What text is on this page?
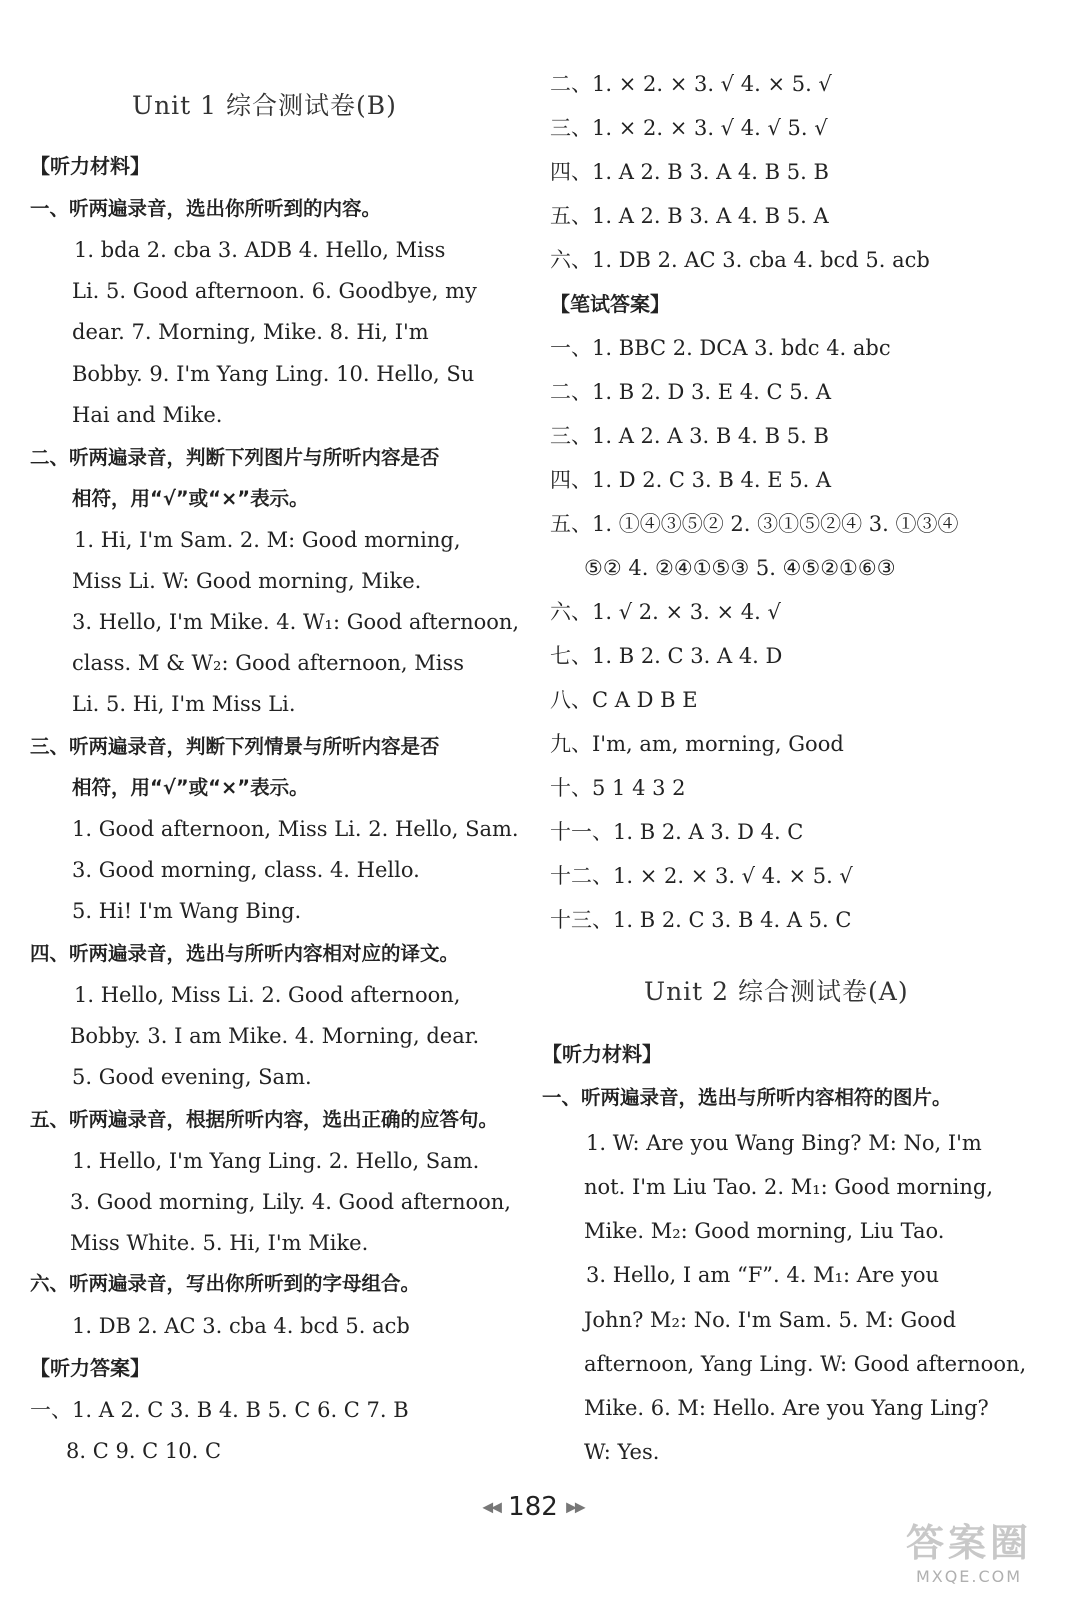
Unit 1 综合测试卷(B)
【听力材料】
一、听两遍录音，选出你所听到的内容。
1. bda 2. cba 3. ADB 4. Hello, Miss
Li. 5. Good afternoon. 6. Goodbye, my
dear. 7. Morning, Mike. 8. Hi, I'm
Bobby. 9. I'm Yang Ling. 10. Hello, Su
Hai and Mike.
二、听两遍录音，判断下列图片与所听内容是否
相符，用“√”或“×”表示。
1. Hi, I'm Sam. 2. M: Good morning,
Miss Li. W: Good morning, Mike.
3. Hello, I'm Mike. 4. W₁: Good afternoon,
class. M & W₂: Good afternoon, Miss
Li. 5. Hi, I'm Miss Li.
三、听两遍录音，判断下列情景与所听内容是否
相符，用“√”或“×”表示。
1. Good afternoon, Miss Li. 2. Hello, Sam.
3. Good morning, class. 4. Hello.
5. Hi! I'm Wang Bing.
四、听两遍录音，选出与所听内容相对应的译文。
1. Hello, Miss Li. 2. Good afternoon,
Bobby. 3. I am Mike. 4. Morning, dear.
5. Good evening, Sam.
五、听两遍录音，根据所听内容，选出正确的应答句。
1. Hello, I'm Yang Ling. 2. Hello, Sam.
3. Good morning, Lily. 4. Good afternoon,
Miss White. 5. Hi, I'm Mike.
六、听两遍录音，写出你所听到的字母组合。
1. DB 2. AC 3. cba 4. bcd 5. acb
【听力答案】
一、1. A 2. C 3. B 4. B 5. C 6. C 7. B
8. C 9. C 10. C
二、1. × 2. × 3. √ 4. × 5. √
三、1. × 2. × 3. √ 4. √ 5. √
四、1. A 2. B 3. A 4. B 5. B
五、1. A 2. B 3. A 4. B 5. A
六、1. DB 2. AC 3. cba 4. bcd 5. acb
【笔试答案】
一、1. BBC 2. DCA 3. bdc 4. abc
二、1. B 2. D 3. E 4. C 5. A
三、1. A 2. A 3. B 4. B 5. B
四、1. D 2. C 3. B 4. E 5. A
五、1. ①④③⑤② 2. ③①⑤②④ 3. ①③④
⑤② 4. ②④①⑤③ 5. ④⑤②①⑥③
六、1. √ 2. × 3. × 4. √
七、1. B 2. C 3. A 4. D
八、C A D B E
九、I'm, am, morning, Good
十、5 1 4 3 2
十一、1. B 2. A 3. D 4. C
十二、1. × 2. × 3. √ 4. × 5. √
十三、1. B 2. C 3. B 4. A 5. C
Unit 2 综合测试卷(A)
【听力材料】
一、听两遍录音，选出与所听内容相符的图片。
1. W: Are you Wang Bing? M: No, I'm
not. I'm Liu Tao. 2. M₁: Good morning,
Mike. M₂: Good morning, Liu Tao.
3. Hello, I am “F”. 4. M₁: Are you
John? M₂: No. I'm Sam. 5. M: Good
afternoon, Yang Ling. W: Good afternoon,
Mike. 6. M: Hello. Are you Yang Ling?
W: Yes.
◀◀ 182 ▶▶
答案圈
MXQE.COM
